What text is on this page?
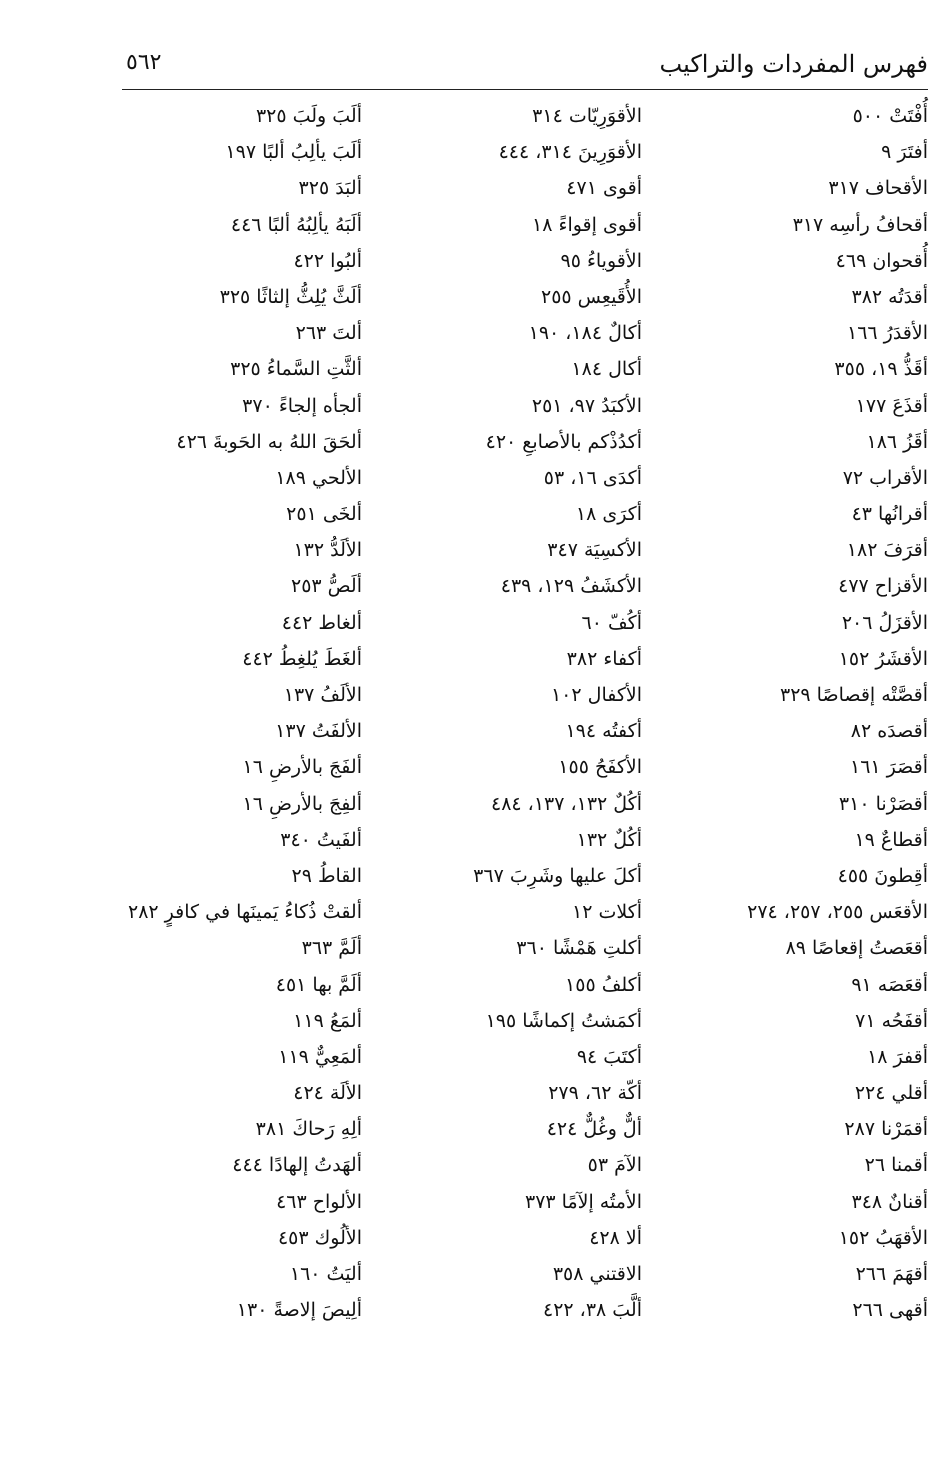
فهرس المفردات والتراكيب
٥٦٢
أُفْتَتْ ٥٠٠
أفتَرَ ٩
الأقحاف ٣١٧
أقحافُ رأسِه ٣١٧
أُقحوان ٤٦٩
أقدَتُه ٣٨٢
الأقدَرُ ١٦٦
أقَذُّ ١٩، ٣٥٥
أقذَعَ ١٧٧
أقَزُ ١٨٦
الأقراب ٧٢
أقرانُها ٤٣
أقرَفَ ١٨٢
الأقزاح ٤٧٧
الأقزَلُ ٢٠٦
الأقشَرُ ١٥٢
أقصَّتْه إقصاصًا ٣٢٩
أقصدَه ٨٢
أقصَرَ ١٦١
أقصَرْنا ٣١٠
أقطاعٌ ١٩
أقِطونَ ٤٥٥
الأقعَس ٢٥٥، ٢٥٧، ٢٧٤
أقعَصتُ إقعاصًا ٨٩
أقعَصَه ٩١
أقفَحُه ٧١
أقفرَ ١٨
أقلي ٢٢٤
أقمَرْنا ٢٨٧
أقمنا ٢٦
أقنانٌ ٣٤٨
الأقهَبُ ١٥٢
أقهَمَ ٢٦٦
أقهى ٢٦٦
الأقوَرِيّات ٣١٤
الأقوَرِينَ ٣١٤، ٤٤٤
أقوى ٤٧١
أقوى إقواءً ١٨
الأقوياءُ ٩٥
الأُقَيعِس ٢٥٥
أكالٌ ١٨٤، ١٩٠
أكال ١٨٤
الأكبَدُ ٩٧، ٢٥١
أكدُذْكم بالأصابعِ ٤٢٠
أكدَى ١٦، ٥٣
أكرَى ١٨
الأكسِيَة ٣٤٧
الأكشَفُ ١٢٩، ٤٣٩
أكُفّ ٦٠
أكفاء ٣٨٢
الأكفال ١٠٢
أكفتُه ١٩٤
الأكفَحُ ١٥٥
أكُلٌ ١٣٢، ١٣٧، ٤٨٤
أكُلٌ ١٣٢
أكلَ عليها وشَرِبَ ٣٦٧
أكلات ١٢
أكلتِ هَمْشًا ٣٦٠
أكلفُ ١٥٥
أكمَشتُ إكماشًا ١٩٥
أكتَبَ ٩٤
أكّة ٦٢، ٢٧٩
ألٌّ وغُلٌّ ٤٢٤
الآمَ ٥٣
الأمتُه إلآمًا ٣٧٣
ألا ٤٢٨
الاقتني ٣٥٨
ألَّبَ ٣٨، ٤٢٢
ألَبَ ولَبَ ٣٢٥
ألَبَ يألِبُ ألبًا ١٩٧
ألبَدَ ٣٢٥
ألَبَهُ يألِبُهُ ألبًا ٤٤٦
ألبُوا ٤٢٢
ألَثَّ يُلِثُّ إلثاثًا ٣٢٥
ألتَ ٢٦٣
ألثَّتِ السَّماءُ ٣٢٥
ألجأه إلجاءً ٣٧٠
ألحَقَ اللهُ به الحَوبةَ ٤٢٦
الألحي ١٨٩
ألخَى ٢٥١
الألَدُّ ١٣٢
ألَصُّ ٢٥٣
ألغاط ٤٤٢
ألغَطَ يُلغِطُ ٤٤٢
الألَفُ ١٣٧
الألفَتُ ١٣٧
ألفَجَ بالأرضِ ١٦
ألفِجَ بالأرضِ ١٦
ألفَيتُ ٣٤٠
القاطُ ٢٩
ألقتْ ذُكاءُ يَمينَها في كافرٍ ٢٨٢
ألَمَّ ٣٦٣
ألَمَّ بها ٤٥١
ألمَعُ ١١٩
ألمَعِيٌّ ١١٩
الألَة ٤٢٤
ألِهِ رَحاكَ ٣٨١
ألهَدتُ إلهادًا ٤٤٤
الألواح ٤٦٣
الألُوك ٤٥٣
أليَتُ ١٦٠
ألِيصَ إلاصةً ١٣٠
